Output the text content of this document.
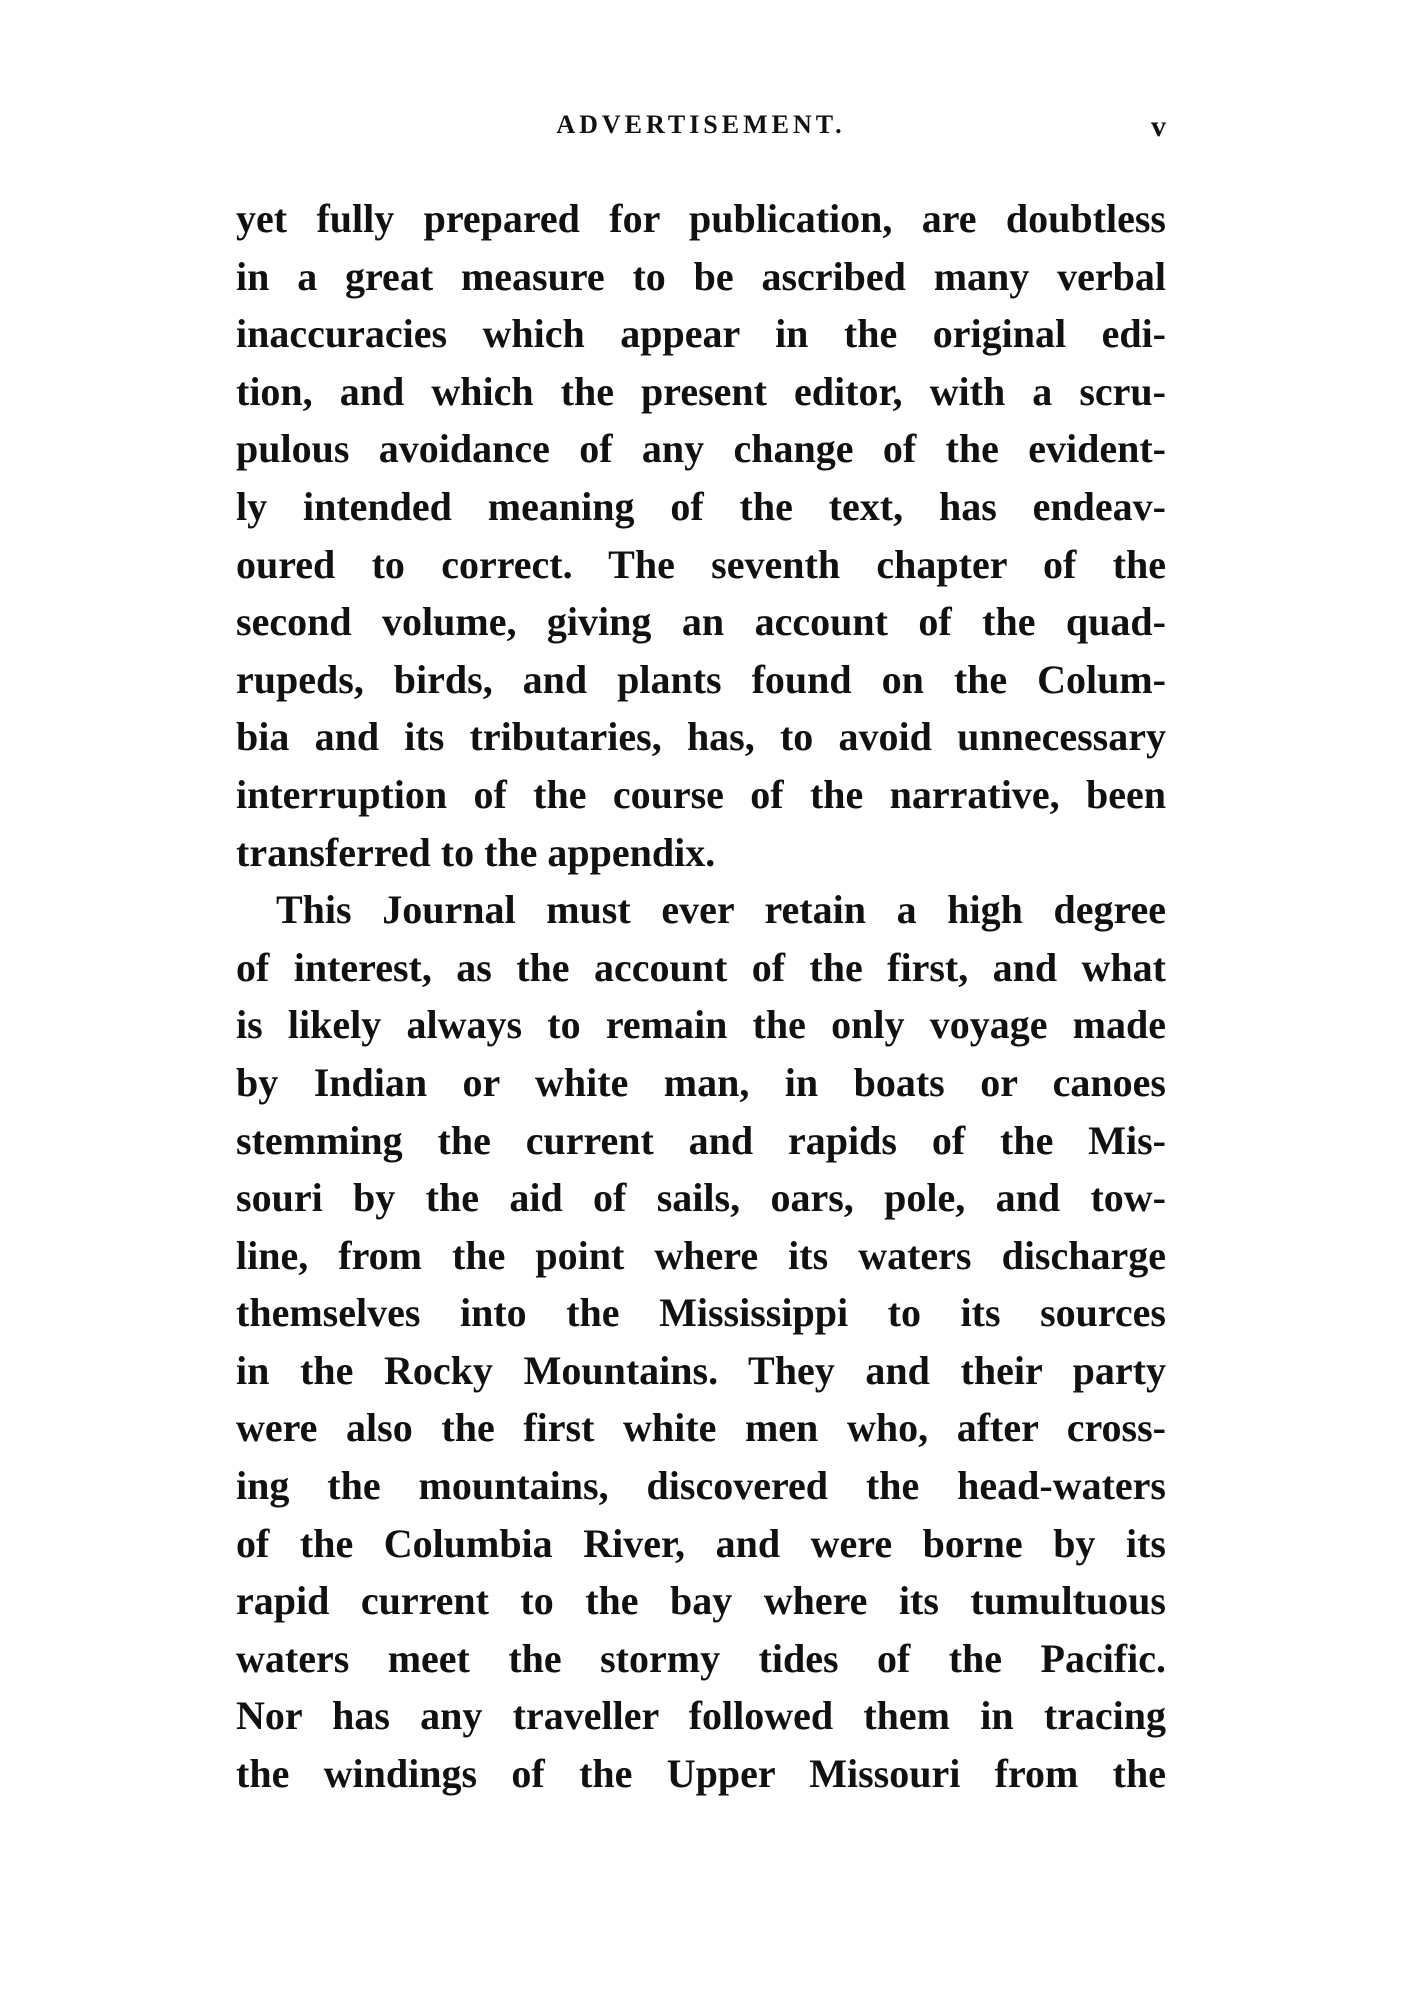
ADVERTISEMENT.	v
yet fully prepared for publication, are doubtless
in a great measure to be ascribed many verbal
inaccuracies which appear in the original edi-
tion, and which the present editor, with a scru-
pulous avoidance of any change of the evident-
ly intended meaning of the text, has endeav-
oured to correct. The seventh chapter of the
second volume, giving an account of the quad-
rupeds, birds, and plants found on the Colum-
bia and its tributaries, has, to avoid unnecessary
interruption of the course of the narrative, been
transferred to the appendix.
This Journal must ever retain a high degree
of interest, as the account of the first, and what
is likely always to remain the only voyage made
by Indian or white man, in boats or canoes
stemming the current and rapids of the Mis-
souri by the aid of sails, oars, pole, and tow-
line, from the point where its waters discharge
themselves into the Mississippi to its sources
in the Rocky Mountains. They and their party
were also the first white men who, after cross-
ing the mountains, discovered the head-waters
of the Columbia River, and were borne by its
rapid current to the bay where its tumultuous
waters meet the stormy tides of the Pacific.
Nor has any traveller followed them in tracing
the windings of the Upper Missouri from the
